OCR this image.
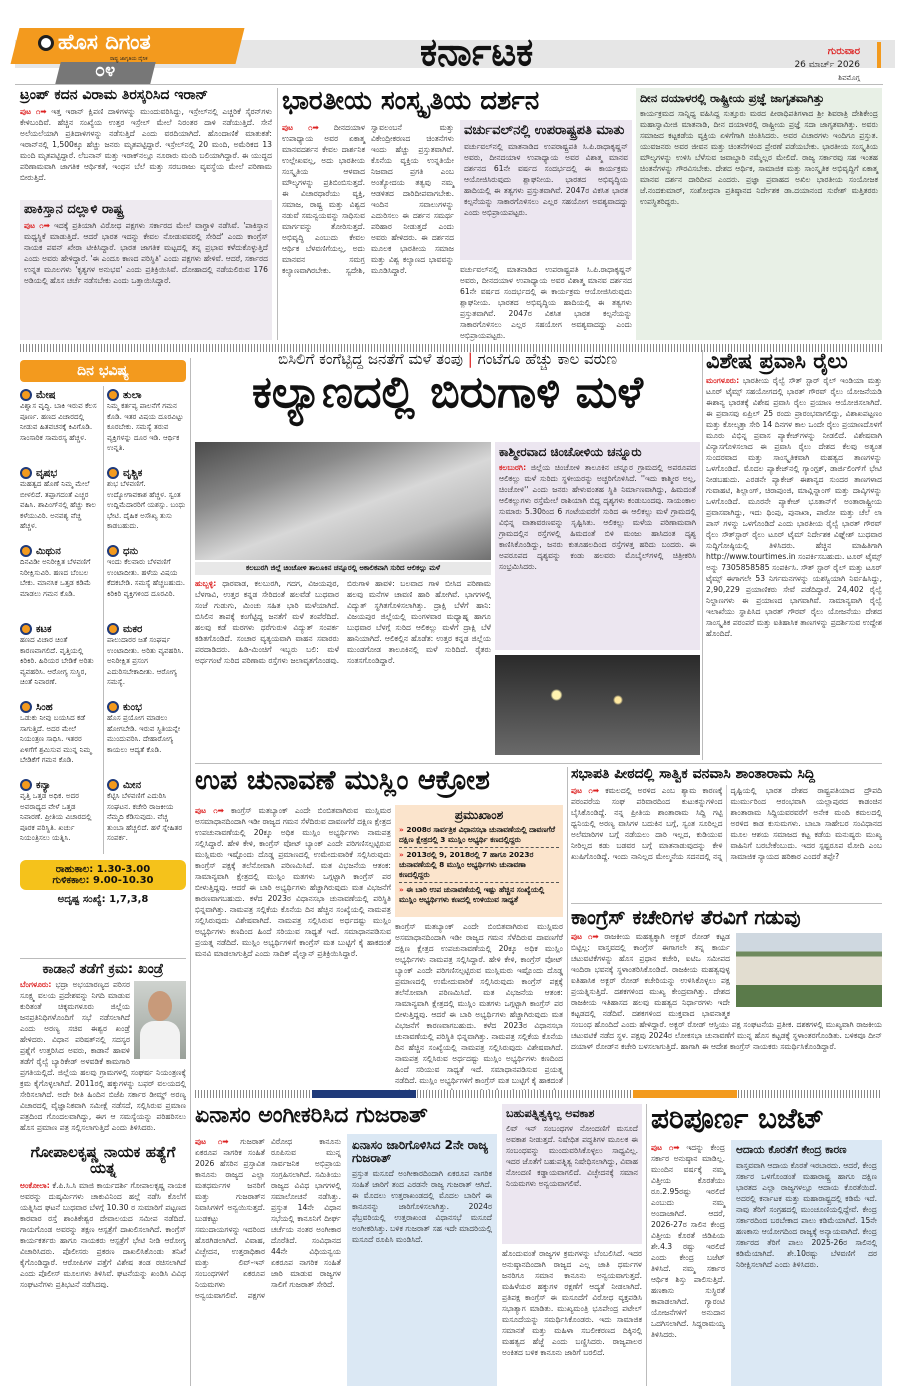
ಹೊಸ ದಿಗಂತ
ರಾಷ್ಟ್ರ ಜಾಗೃತಿಯ ದೈನಿಕ
೦೪	ಕರ್ನಾಟಕ	ಗುರುವಾರ
26 ಮಾರ್ಚ್ 2026
ಶಿವಮೊಗ್ಗ
ಟ್ರಂಪ್ ಕದನ ವಿರಾಮ ತಿರಸ್ಕರಿಸಿದ ಇರಾನ್
ಪುಟ ೧➡ ಇತ್ತ ಇರಾನ್ ಕ್ಷಿಪಣಿ ದಾಳಿಗಳನ್ನು ಮುಂದುವರಿಸಿದ್ದು, ಇಸ್ರೇಲ್‌ನಲ್ಲಿ ಎಚ್ಚರಿಕೆ ಸೈರನ್‌ಗಳು ಕೇಳಿಬಂದಿವೆ. ಹೆಚ್ಚಿನ ಸಂಖ್ಯೆಯ ಉತ್ತರ ಇಸ್ರೇಲ್ ಮೇಲೆ ನಿರಂತರ ದಾಳಿ ನಡೆಯುತ್ತಿದೆ. ಸೇನೆ ಅಲೆಯಲೆಯಾಗಿ ಪ್ರತಿದಾಳಿಗಳನ್ನು ನಡೆಸುತ್ತಿದೆ ಎಂದು ವರದಿಯಾಗಿದೆ. ಹೊಂದಾಣಿಕೆ ಮಾತುಕತೆ: ಇರಾನ್‌ನಲ್ಲಿ 1,500ಕ್ಕೂ ಹೆಚ್ಚು ಜನರು ಮೃತಪಟ್ಟಿದ್ದಾರೆ. ಇಸ್ರೇಲ್‌ನಲ್ಲಿ 20 ಮಂದಿ, ಅಮೆರಿಕದ 13 ಮಂದಿ ಮೃತಪಟ್ಟಿದ್ದಾರೆ. ಲೆಬನಾನ್ ಮತ್ತು ಇರಾಕ್‌ನಲ್ಲೂ ನೂರಾರು ಮಂದಿ ಬಲಿಯಾಗಿದ್ದಾರೆ. ಈ ಯುದ್ಧದ ಪರಿಣಾಮವಾಗಿ ಜಾಗತಿಕ ಆರ್ಥಿಕತೆ, ಇಂಧನ ಬೆಲೆ ಮತ್ತು ಸರಬರಾಜು ವ್ಯವಸ್ಥೆಯ ಮೇಲೆ ಪರಿಣಾಮ ಬೀರುತ್ತಿದೆ.
ಪಾಕಿಸ್ತಾನ ದಲ್ಲಾಳಿ ರಾಷ್ಟ್ರ
ಪುಟ ೧➡ ಇದಕ್ಕೆ ಪ್ರತಿಯಾಗಿ ವಿರೋಧ ಪಕ್ಷಗಳು ಸರ್ಕಾರದ ಮೇಲೆ ವಾಗ್ದಾಳಿ ನಡೆಸಿವೆ. 'ಪಾಕಿಸ್ತಾನ ಮಧ್ಯಸ್ಥಿಕೆ ಮಾಡುತ್ತಿದೆ. ಆದರೆ ಭಾರತ ಇದನ್ನು ಕೇವಲ ನೋಡುವವರಲ್ಲಿ ಸೇರಿದೆ' ಎಂದು ಕಾಂಗ್ರೆಸ್ ನಾಯಕ ಪವನ್ ಖೇರಾ ಟೀಕಿಸಿದ್ದಾರೆ. ಭಾರತ ಜಾಗತಿಕ ಮಟ್ಟದಲ್ಲಿ ತನ್ನ ಪ್ರಭಾವ ಕಳೆದುಕೊಳ್ಳುತ್ತಿದೆ ಎಂದು ಅವರು ಹೇಳಿದ್ದಾರೆ. 'ಈ ಎಂದೂ ಕಾಣದ ಪರಿಸ್ಥಿತಿ' ಎಂದು ಪಕ್ಷಗಳು ಹೇಳಿವೆ. ಆದರೆ, ಸರ್ಕಾರದ ಉನ್ನತ ಮೂಲಗಳು 'ಕೃತ್ಯಗಳ ಅನುಭವ' ಎಂದು ಪ್ರತಿಕ್ರಿಯಿಸಿವೆ. ದೋಹಾದಲ್ಲಿ ನಡೆಯಲಿರುವ 176 ಅಡಿಯಲ್ಲಿ ಹೊಸ ಚರ್ಚೆ ನಡೆಸಬೇಕು ಎಂದು ಒತ್ತಾಯಿಸಿದ್ದಾರೆ.
ಭಾರತೀಯ ಸಂಸ್ಕೃತಿಯ ದರ್ಶನ
ಪುಟ ೧➡ ದೀನದಯಾಳ ಉಪಾಧ್ಯಾಯ ಅವರ ಏಕಾತ್ಮ ಮಾನವದರ್ಶನ ಕೇವಲ ದಾರ್ಶನಿಕ ಉಲ್ಲೇಖವಲ್ಲ, ಅದು ಭಾರತೀಯ ಸಂಸ್ಕೃತಿಯ ಆಳವಾದ ಮೌಲ್ಯಗಳನ್ನು ಪ್ರತಿಬಿಂಬಿಸುತ್ತದೆ. ಈ ವಿಚಾರಧಾರೆಯು ವ್ಯಕ್ತಿ, ಸಮಾಜ, ರಾಷ್ಟ್ರ ಮತ್ತು ವಿಶ್ವದ ನಡುವೆ ಸಮನ್ವಯವನ್ನು ಸಾಧಿಸುವ ಮಾರ್ಗವನ್ನು ತೋರಿಸುತ್ತದೆ. ಅಭಿವೃದ್ಧಿ ಎಂಬುದು ಕೇವಲ ಆರ್ಥಿಕ ಬೆಳವಣಿಗೆಯಲ್ಲ, ಅದು ಮಾನವನ ಸಮಗ್ರ ಕಲ್ಯಾಣವಾಗಿರಬೇಕು. ಸ್ವದೇಶಿ, ಸ್ವಾವಲಂಬನೆ ಮತ್ತು ವಿಕೇಂದ್ರೀಕರಣದ ಚಿಂತನೆಗಳು ಇಂದು ಹೆಚ್ಚು ಪ್ರಸ್ತುತವಾಗಿವೆ. ಕೊನೆಯ ವ್ಯಕ್ತಿಯ ಉನ್ನತಿಯೇ ನಿಜವಾದ ಪ್ರಗತಿ ಎಂಬ ಅಂತ್ಯೋದಯ ತತ್ವವು ನಮ್ಮ ಆಡಳಿತದ ದಾರಿದೀಪವಾಗಬೇಕು. ಇಂದಿನ ಸವಾಲುಗಳನ್ನು ಎದುರಿಸಲು ಈ ದರ್ಶನ ಸಮರ್ಥ ಪರಿಹಾರ ನೀಡುತ್ತದೆ ಎಂದು ಅವರು ಹೇಳಿದರು. ಈ ದರ್ಶನದ ಮೂಲಕ ಭಾರತೀಯ ಸಮಾಜ ಮತ್ತು ವಿಶ್ವ ಕಲ್ಯಾಣದ ಭಾವವನ್ನು ಮೂಡಿಸಿದ್ದಾರೆ.
ವರ್ಚುವಲ್‌ನಲ್ಲಿ ಉಪರಾಷ್ಟ್ರಪತಿ ಮಾತು
ವರ್ಚುವಲ್‌ನಲ್ಲಿ ಮಾತನಾಡಿದ ಉಪರಾಷ್ಟ್ರಪತಿ ಸಿ.ಪಿ.ರಾಧಾಕೃಷ್ಣನ್ ಅವರು, ದೀನದಯಾಳ ಉಪಾಧ್ಯಾಯ ಅವರ ವಿಶಾತ್ಮ ಮಾನವ ದರ್ಶನದ 61ನೇ ವರ್ಷದ ಸಂದರ್ಭದಲ್ಲಿ ಈ ಕಾರ್ಯಕ್ರಮ ಆಯೋಜಿಸಿರುವುದು ಶ್ಲಾಘನೀಯ. ಭಾರತದ ಅಭಿವೃದ್ಧಿಯ ಹಾದಿಯಲ್ಲಿ ಈ ತತ್ವಗಳು ಪ್ರಸ್ತುತವಾಗಿವೆ. 2047ರ ವಿಕಸಿತ ಭಾರತ ಕಲ್ಪನೆಯನ್ನು ಸಾಕಾರಗೊಳಿಸಲು ಎಲ್ಲರ ಸಹಯೋಗ ಅವಶ್ಯವಾದದ್ದು ಎಂದು ಅಭಿಪ್ರಾಯಪಟ್ಟರು.
ವರ್ಚುವಲ್‌ನಲ್ಲಿ ಮಾತನಾಡಿದ ಉಪರಾಷ್ಟ್ರಪತಿ ಸಿ.ಪಿ.ರಾಧಾಕೃಷ್ಣನ್ ಅವರು, ದೀನದಯಾಳ ಉಪಾಧ್ಯಾಯ ಅವರ ವಿಶಾತ್ಮ ಮಾನವ ದರ್ಶನದ 61ನೇ ವರ್ಷದ ಸಂದರ್ಭದಲ್ಲಿ ಈ ಕಾರ್ಯಕ್ರಮ ಆಯೋಜಿಸಿರುವುದು ಶ್ಲಾಘನೀಯ. ಭಾರತದ ಅಭಿವೃದ್ಧಿಯ ಹಾದಿಯಲ್ಲಿ ಈ ತತ್ವಗಳು ಪ್ರಸ್ತುತವಾಗಿವೆ. 2047ರ ವಿಕಸಿತ ಭಾರತ ಕಲ್ಪನೆಯನ್ನು ಸಾಕಾರಗೊಳಿಸಲು ಎಲ್ಲರ ಸಹಯೋಗ ಅವಶ್ಯವಾದದ್ದು ಎಂದು ಅಭಿಪ್ರಾಯಪಟ್ಟರು.
ದೀನ ದಯಾಳರಲ್ಲಿ ರಾಷ್ಟ್ರೀಯ ಪ್ರಜ್ಞೆ ಜಾಗೃತವಾಗಿತ್ತು
ಕಾರ್ಯಕ್ರಮದ ಸಾನ್ನಿಧ್ಯ ವಹಿಸಿದ್ದ ಸುತ್ತೂರು ಮಠದ ಪೀಠಾಧಿಪತಿಗಳಾದ ಶ್ರೀ ಶಿವರಾತ್ರಿ ದೇಶಿಕೇಂದ್ರ ಮಹಾಸ್ವಾಮೀಜಿ ಮಾತನಾಡಿ, ದೀನ ದಯಾಳರಲ್ಲಿ ರಾಷ್ಟ್ರೀಯ ಪ್ರಜ್ಞೆ ಸದಾ ಜಾಗೃತವಾಗಿತ್ತು. ಅವರು ಸಮಾಜದ ಕಟ್ಟಕಡೆಯ ವ್ಯಕ್ತಿಯ ಏಳಿಗೆಗಾಗಿ ಚಿಂತಿಸಿದರು. ಅವರ ವಿಚಾರಗಳು ಇಂದಿಗೂ ಪ್ರಸ್ತುತ. ಯುವಜನರು ಅವರ ಜೀವನ ಮತ್ತು ಚಿಂತನೆಗಳಿಂದ ಪ್ರೇರಣೆ ಪಡೆಯಬೇಕು. ಭಾರತೀಯ ಸಂಸ್ಕೃತಿಯ ಮೌಲ್ಯಗಳನ್ನು ಉಳಿಸಿ ಬೆಳೆಸುವ ಜವಾಬ್ದಾರಿ ನಮ್ಮೆಲ್ಲರ ಮೇಲಿದೆ. ರಾಜ್ಯ ಸರ್ಕಾರವು ಸಹ ಇಂತಹ ಚಿಂತನೆಗಳನ್ನು ಗೌರವಿಸಬೇಕು. ದೇಶದ ಆರ್ಥಿಕ, ಸಾಮಾಜಿಕ ಮತ್ತು ಸಾಂಸ್ಕೃತಿಕ ಅಭಿವೃದ್ಧಿಗೆ ಏಕಾತ್ಮ ಮಾನವ ದರ್ಶನ ದಾರಿದೀಪ ಎಂದರು. ಪ್ರಜ್ಞಾ ಪ್ರವಾಹದ ಅಖಿಲ ಭಾರತೀಯ ಸಂಯೋಜಕ ಜೆ.ನಂದಕುಮಾರ್, ಸಂಶೋಧನಾ ಪ್ರತಿಷ್ಠಾನದ ನಿರ್ದೇಶಕ ಡಾ.ದಯಾನಂದ ಸುರೇಶ್ ಮತ್ತಿತರರು ಉಪಸ್ಥಿತರಿದ್ದರು.
ದಿನ ಭವಿಷ್ಯ
ಮೇಷ
ವಿಶ್ವಾಸ ವೃದ್ಧಿ. ಬಾಕಿ ಇರುವ ಕೆಲಸ ಪೂರ್ಣ. ಹಣದ ವಿಚಾರದಲ್ಲಿ ನೀಡುವ ಹಿತವಚನಕ್ಕೆ ಕಿವಿಗೊಡಿ. ಸಾಂಸಾರಿಕ ಸಾಮರಸ್ಯ ಹೆಚ್ಚಳ.
ತುಲಾ
ನಿಮ್ಮ ಕರ್ತವ್ಯ ಪಾಲನೆಗೆ ಗಮನ ಕೊಡಿ. ಇತರ ವಿಷಯ ದೂರವಿಟ್ಟು ಕೂರಬೇಕು. ಸಮಸ್ಯೆ ತರುವ ವ್ಯಕ್ತಿಗಳನ್ನು ದೂರ ಇಡಿ. ಆರ್ಥಿಕ ಉನ್ನತಿ.
ವೃಷಭ
ಮಹತ್ವದ ಹೊಣೆ ನಿಮ್ಮ ಮೇಲೆ ಬೀಳಲಿದೆ. ತಪ್ಪಾಗದಂತೆ ಎಚ್ಚರ ವಹಿಸಿ. ಶಾಪಿಂಗ್‌ನಲ್ಲಿ ಹೆಚ್ಚು ಕಾಲ ಕಳೆಯುವಿರಿ. ಅನವಶ್ಯ ವೆಚ್ಚ ಹೆಚ್ಚಳ.
ವೃಶ್ಚಿಕ
ಶುಭ ಬೆಳವಣಿಗೆ. ಉದ್ಯೋಗಾವಕಾಶ ಹೆಚ್ಚಳ. ಸ್ವಂತ ಉದ್ದಿಮೆದಾರರಿಗೆ ಯಶಸ್ಸು. ಬಂಧು ಭೇಟಿ. ದೈಹಿಕ ಅಸೌಖ್ಯ ತುಸು ಕಾಡಬಹುದು.
ಮಿಥುನ
ದಿನವಿಡೀ ಅನಿರೀಕ್ಷಿತ ಬೆಳವಣಿಗೆ ನಿರೀಕ್ಷಿಸುವಿರಿ. ಹಣದ ಬೆಂಬಲ ಬೇಕು. ಮಾನಸಿಕ ಒತ್ತಡ ಕಡಿಮೆ ಮಾಡಲು ಗಮನ ಕೊಡಿ.
ಧನು
ಇಂದು ಕೆಲವಾರು ಬೆಳವಣಿಗೆ ಉಂಟಾದೀತು. ಹಳೆಯ ವಿಷಯ ಕೆದಕಬೇಡಿ. ಸಮಸ್ಯೆ ಹೆಚ್ಚಬಹುದು. ಕಿರಿಕಿರಿ ವ್ಯಕ್ತಿಗಳಿಂದ ದೂರವಿರಿ.
ಕಟಕ
ಹಣದ ವಿಚಾರ ಚಿಂತೆ ಕಾರಣವಾಗಲಿದೆ. ವೃತ್ತಿಯಲ್ಲಿ ಕಿರಿಕಿರಿ. ಹಿರಿಯರ ಬೇಡಿಕೆ ಅರಿತು ವ್ಯವಹರಿಸಿ. ಆರೋಗ್ಯ ಸುಸ್ಥಿರ, ಚಿಂತೆ ನಿವಾರಣೆ.
ಮಕರ
ಪಾಲುದಾರರ ಜತೆ ಸಂಘರ್ಷ ಉಂಟಾದೀತು. ಅರಿತು ವ್ಯವಹರಿಸಿ. ಅನಿರೀಕ್ಷಿತ ಪ್ರಸಂಗ ಎದುರಿಸಬೇಕಾದೀತು. ಆರೋಗ್ಯ ಸಮಸ್ಯೆ.
ಸಿಂಹ
ಒಡುಕು ನೀವು ಬಯಸಿದ ಕಡೆ ಸಾಗುತ್ತಿದೆ. ಅದರ ಮೇಲೆ ನಿಯಂತ್ರಣ ಸಾಧಿಸಿ. ಇತರರ ಏಳಿಗೆಗೆ ಶ್ರಮಿಸುವ ಮುನ್ನ ನಿಮ್ಮ ಬೇಡಿಕೆಗೆ ಗಮನ ಕೊಡಿ.
ಕುಂಭ
ಹೊಸ ಪ್ರಯೋಗ ಮಾಡಲು ಹೋಗಬೇಡಿ. ಇರುವ ಸ್ಥಿತಿಯನ್ನೇ ಮುಂದುವರಿಸಿ. ದೇಹಾರೋಗ್ಯ ಕಾಯಲು ಆದ್ಯತೆ ಕೊಡಿ.
ಕನ್ಯಾ
ವೃತ್ತಿ ಒತ್ತಡ ಅಧಿಕ. ಅದರ ಅವರಾಧ್ಯದ ವೇಳೆ ಒತ್ತಡ ನಿವಾರಣೆ. ಪ್ರೀತಿಯ ವಿಚಾರದಲ್ಲಿ ಪೂರಕ ಪರಿಸ್ಥಿತಿ. ಖರ್ಚು ನಿಯಂತ್ರಿಸಲು ಯತ್ನಿಸಿ.
ಮೀನ
ಕೆಟ್ಟಿಸಿ ಬೆಳವಣಿಗೆ ಎದುರಿಸಿ ಸಂಘಟನ. ಕಚೇರಿ ರಾಜಕೀಯ ನೆಮ್ಮದಿ ಕೆಡಿಸುವುದು. ವೆಚ್ಚ ತುಂಬಾ ಹೆಚ್ಚಲಿದೆ. ಹಳೆ ಸ್ನೇಹಿತರ ಸಂಪರ್ಕ.
ರಾಹುಕಾಲ: 1.30-3.00
ಗುಳಿಕಕಾಲ: 9.00-10.30
ಅದೃಷ್ಟ ಸಂಖ್ಯೆ: 1,7,3,8
ಕಾಡಾನೆ ತಡೆಗೆ ಕ್ರಮ: ಖಂಡ್ರೆ
ಬೆಂಗಳೂರು: ಭದ್ರಾ ಅಭಯಾರಣ್ಯದ ಪರಿಸರ ಸೂಕ್ಷ್ಮ ವಲಯ ಪ್ರದೇಶವನ್ನು ನಿಗದಿ ಮಾಡುವ ಕುರಿತಂತೆ ಚಿಕ್ಕಮಗಳೂರು ಜಿಲ್ಲೆಯ ಜನಪ್ರತಿನಿಧಿಗಳೊಂದಿಗೆ ಸಭೆ ನಡೆಸಲಾಗಿದೆ ಎಂದು ಅರಣ್ಯ ಸಚಿವ ಈಶ್ವರ ಖಂಡ್ರೆ ಹೇಳಿದರು. ವಿಧಾನ ಪರಿಷತ್‌ನಲ್ಲಿ ಸದಸ್ಯರ ಪ್ರಶ್ನೆಗೆ ಉತ್ತರಿಸಿದ ಅವರು, ಕಾಡಾನೆ ಹಾವಳಿ ತಡೆಗೆ ರೈಲ್ವೆ ಬ್ಯಾರಿಕೇಡ್ ಅಳವಡಿಕೆ ಕಾಮಗಾರಿ ಪ್ರಗತಿಯಲ್ಲಿದೆ. ಜಿಲ್ಲೆಯ ಹಲವು ಗ್ರಾಮಗಳಲ್ಲಿ ಸಂಘರ್ಷ ನಿಯಂತ್ರಣಕ್ಕೆ ಕ್ರಮ ಕೈಗೊಳ್ಳಲಾಗಿದೆ. 2011ರಲ್ಲಿ ಹಕ್ಕುಗಳನ್ನು ಬಫರ್ ವಲಯದಲ್ಲಿ ಸೇರಿಸಲಾಗಿದೆ. ಅದೇ ರೀತಿ ಹಿಂದಿನ ಬಿಜೆಪಿ ಸರ್ಕಾರ ಡೀಮ್ಡ್ ಅರಣ್ಯ ವಿಚಾರದಲ್ಲಿ ವೈಜ್ಞಾನಿಕವಾಗಿ ಸಮೀಕ್ಷೆ ನಡೆಸದೆ, ಸಲ್ಲಿಸಿರುವ ಪ್ರಮಾಣ ಪತ್ರದಿಂದ ಗೊಂದಲವಾಗಿದ್ದು, ಈಗ ಆ ಸಮಸ್ಯೆಯನ್ನು ಪರಿಹರಿಸಲು ಹೊಸ ಪ್ರಮಾಣ ಪತ್ರ ಸಲ್ಲಿಸಲಾಗುತ್ತಿದೆ ಎಂದು ತಿಳಿಸಿದರು.
ಗೋಪಾಲಕೃಷ್ಣ ನಾಯಕ ಹತ್ಯೆಗೆ ಯತ್ನ
ಅಂಕೋಲಾ: ಕೆ.ಪಿ.ಸಿ.ಸಿ ಮಾಜಿ ಕಾರ್ಯದರ್ಶಿ ಗೋಪಾಲಕೃಷ್ಣ ನಾಯಕ ಅವರನ್ನು ದುಷ್ಕರ್ಮಿಗಳು ಚಾಕುವಿನಿಂದ ಹಲ್ಲೆ ನಡೆಸಿ ಕೊಲೆಗೆ ಯತ್ನಿಸಿದ ಘಟನೆ ಬುಧವಾರ ಬೆಳಗ್ಗೆ 10.30 ರ ಸುಮಾರಿಗೆ ಪಟ್ಟಣದ ಕಾರವಾರ ರಸ್ತೆ ಶಾಂತಿಕೇಶ್ವರ ದೇವಾಲಯದ ಸಮೀಪ ನಡೆದಿದೆ. ಗಾಯಗೊಂಡ ಅವರನ್ನು ತಕ್ಷಣ ಆಸ್ಪತ್ರೆಗೆ ದಾಖಲಿಸಲಾಗಿದೆ. ಕಾಂಗ್ರೆಸ್ ಕಾರ್ಯಕರ್ತರು ಹಾಗೂ ನಾಯಕರು ಆಸ್ಪತ್ರೆಗೆ ಭೇಟಿ ನೀಡಿ ಆರೋಗ್ಯ ವಿಚಾರಿಸಿದರು. ಪೊಲೀಸರು ಪ್ರಕರಣ ದಾಖಲಿಸಿಕೊಂಡು ತನಿಖೆ ಕೈಗೊಂಡಿದ್ದಾರೆ. ಆರೋಪಿಗಳ ಪತ್ತೆಗೆ ವಿಶೇಷ ತಂಡ ರಚಿಸಲಾಗಿದೆ ಎಂದು ಪೊಲೀಸ್ ಮೂಲಗಳು ತಿಳಿಸಿವೆ. ಘಟನೆಯನ್ನು ಖಂಡಿಸಿ ವಿವಿಧ ಸಂಘಟನೆಗಳು ಪ್ರತಿಭಟನೆ ನಡೆಸಿದವು.
ಬಿಸಿಲಿಗೆ ಕಂಗೆಟ್ಟಿದ್ದ ಜನತೆಗೆ ಮಳೆ ತಂಪು | ಗಂಟೆಗೂ ಹೆಚ್ಚು ಕಾಲ ವರುಣ
ಕಲ್ಯಾಣದಲ್ಲಿ ಬಿರುಗಾಳಿ ಮಳೆ
ಕಲಬುರಗಿ ಜಿಲ್ಲೆ ಚಿಂಚೋಳಿ ತಾಲೂಕಿನ ಚನ್ನೂರಲ್ಲಿ ಅಕಾಲಿಕವಾಗಿ ಸುರಿದ ಆಲಿಕಲ್ಲು ಮಳೆ
ಹುಬ್ಬಳ್ಳಿ: ಧಾರವಾಡ, ಕಲಬುರಗಿ, ಗದಗ, ವಿಜಯಪುರ, ಬೆಳಗಾವಿ, ಉತ್ತರ ಕನ್ನಡ ಸೇರಿದಂತೆ ಹಲವೆಡೆ ಬುಧವಾರ ಸಂಜೆ ಗುಡುಗು, ಮಿಂಚು ಸಹಿತ ಭಾರಿ ಮಳೆಯಾಗಿದೆ. ಬಿಸಿಲಿನ ತಾಪಕ್ಕೆ ಕಂಗೆಟ್ಟಿದ್ದ ಜನತೆಗೆ ಮಳೆ ತಂಪೆರೆದಿದೆ. ಹಲವು ಕಡೆ ಮರಗಳು ಧರೆಗುರುಳಿ ವಿದ್ಯುತ್ ಸಂಪರ್ಕ ಕಡಿತಗೊಂಡಿದೆ. ಸಂಚಾರ ವ್ಯತ್ಯಯವಾಗಿ ವಾಹನ ಸವಾರರು ಪರದಾಡಿದರು. ಹಿಡಿ-ಮಿಂಚಿಗೆ ಇಬ್ಬರು ಬಲಿ: ಮಳೆ ಅರ್ಧಗಂಟೆ ಸುರಿದ ಪರಿಣಾಮ ರಸ್ತೆಗಳು ಜಲಾವೃತಗೊಂಡವು. ಬಿರುಗಾಳಿ ಹಾವಳಿ: ಬಲವಾದ ಗಾಳಿ ಬೀಸಿದ ಪರಿಣಾಮ ಹಲವು ಮನೆಗಳ ಚಾವಣಿ ಹಾರಿ ಹೋಗಿವೆ. ಭಾಗಗಳಲ್ಲಿ ವಿದ್ಯುತ್ ಸ್ಥಗಿತಗೊಳಿಸಲಾಗಿತ್ತು. ದ್ರಾಕ್ಷಿ ಬೆಳೆಗೆ ಹಾನಿ: ವಿಜಯಪುರ ಜಿಲ್ಲೆಯಲ್ಲಿ ಮಂಗಳವಾರ ಮಧ್ಯಾಹ್ನ ಹಾಗೂ ಬುಧವಾರ ಬೆಳಗ್ಗೆ ಸುರಿದ ಆಲಿಕಲ್ಲು ಮಳೆಗೆ ದ್ರಾಕ್ಷಿ ಬೆಳೆ ಹಾನಿಯಾಗಿದೆ. ಆಲಿಕಲ್ಲಿನ ಹೊಡೆತ: ಉತ್ತರ ಕನ್ನಡ ಜಿಲ್ಲೆಯ ಮುಂಡಗೋಡ ತಾಲೂಕಿನಲ್ಲಿ ಮಳೆ ಸುರಿದಿದೆ. ರೈತರು ಸಂತಸಗೊಂಡಿದ್ದಾರೆ.
ಕಾಶ್ಮೀರವಾದ ಚಿಂಚೋಳಿಯ ಚನ್ನೂರು
ಕಲಬುರಗಿ: ಜಿಲ್ಲೆಯ ಚಿಂಚೋಳಿ ತಾಲೂಕಿನ ಚನ್ನೂರ ಗ್ರಾಮದಲ್ಲಿ ಅಪರೂಪದ ಆಲಿಕಲ್ಲು ಮಳೆ ಸುರಿದು ಸ್ಥಳೀಯರನ್ನು ಅಚ್ಚರಿಗೊಳಿಸಿದೆ. ''ಇದು ಕಾಶ್ಮೀರ ಅಲ್ಲ, ಚಿಂಚೋಳಿ'' ಎಂದು ಜನರು ಹೇಳುವಂತಹ ಸ್ಥಿತಿ ನಿರ್ಮಾಣವಾಗಿದ್ದು, ಹಿಮದಂತೆ ಆಲಿಕಲ್ಲುಗಳು ರಸ್ತೆಮೇಲೆ ರಾಶಿಯಾಗಿ ಬಿದ್ದ ದೃಶ್ಯಗಳು ಕಂಡುಬಂದವು. ಸಾಯಂಕಾಲ ಸುಮಾರು 5.30ರಿಂದ 6 ಗಂಟೆಯವರೆಗೆ ಸುರಿದ ಈ ಆಲಿಕಲ್ಲು ಮಳೆ ಗ್ರಾಮದಲ್ಲಿ ವಿಭಿನ್ನ ವಾತಾವರಣವನ್ನು ಸೃಷ್ಟಿಸಿತು. ಆಲಿಕಲ್ಲು ಮಳೆಯ ಪರಿಣಾಮವಾಗಿ ಗ್ರಾಮದಲ್ಲಿನ ರಸ್ತೆಗಳಲ್ಲಿ ಹಿಮದಂತೆ ಬಿಳಿ ಮಂಜು ಹಾಸಿದಂತ ದೃಶ್ಯ ಕಾಣಿಸಿಕೊಂಡಿದ್ದು, ಜನರು ಕುತೂಹಲದಿಂದ ರಸ್ತೆಗಳತ್ತ ಹರಿದು ಬಂದರು. ಈ ಅಪರೂಪದ ದೃಶ್ಯವನ್ನು ಕಂಡು ಹಲವರು ಮೊಬೈಲ್‌ಗಳಲ್ಲಿ ಚಿತ್ರೀಕರಿಸಿ ಸಂಭ್ರಮಿಸಿದರು.
ವಿಶೇಷ ಪ್ರವಾಸಿ ರೈಲು
ಮಂಗಳೂರು: ಭಾರತೀಯ ರೈಲ್ವೆ ಸೌತ್ ಸ್ಟಾರ್ ರೈಲ್ ಇಂಡಿಯಾ ಮತ್ತು ಟೂರ್ ಟೈಮ್ಸ್ ಸಹಯೋಗದಲ್ಲಿ ಭಾರತ್ ಗೌರವ್ ರೈಲು ಯೋಜನೆಯಡಿ ಈಶಾನ್ಯ ಭಾರತಕ್ಕೆ ವಿಶೇಷ ಪ್ರವಾಸಿ ರೈಲು ಪ್ರಯಾಣ ಆಯೋಜಿಸಲಾಗಿದೆ. ಈ ಪ್ರವಾಸವು ಏಪ್ರಿಲ್ 25 ರಂದು ಪ್ರಾರಂಭವಾಗಲಿದ್ದು, ವಿಶಾಖಪಟ್ಟಣಂ ಮತ್ತು ಕೋಲ್ಕತ್ತಾ ಸೇರಿ 14 ದಿನಗಳ ಕಾಲ ಒಂದೇ ರೈಲು ಪ್ರಯಾಣದೊಳಗೆ ಮೂರು ವಿಭಿನ್ನ ಪ್ರವಾಸ ಪ್ಯಾಕೇಜ್‌ಗಳನ್ನು ನೀಡಲಿದೆ. ವಿಶೇಷವಾಗಿ ವಿನ್ಯಾಸಗೊಳಿಸಲಾದ ಈ ಪ್ರವಾಸಿ ರೈಲು ದೇಶದ ಕೆಲವು ಅತ್ಯಂತ ಸುಂದರವಾದ ಮತ್ತು ಸಾಂಸ್ಕೃತಿಕವಾಗಿ ಮಹತ್ವದ ತಾಣಗಳನ್ನು ಒಳಗೊಂಡಿದೆ. ಮೊದಲ ಪ್ಯಾಕೇಜ್‌ನಲ್ಲಿ ಗ್ಯಾಂಗ್ಟಕ್, ಡಾರ್ಜಿಲಿಂಗ್‌ಗೆ ಭೇಟಿ ನೀಡಬಹುದು. ಎರಡನೇ ಪ್ಯಾಕೇಜ್ ಈಶಾನ್ಯದ ಸುಂದರ ತಾಣಗಳಾದ ಗುವಾಹಟಿ, ಶಿಲ್ಲಾಂಗ್, ಚಿರಾಪುಂಜಿ, ಮಾವ್ಲಿನ್ನಾಂಗ್ ಮತ್ತು ದಾವ್ಕಿಗಳನ್ನು ಒಳಗೊಂಡಿದೆ. ಮೂರನೇ ಪ್ಯಾಕೇಜ್ ಭೂತಾನ್‌ಗೆ ಅಂತಾರಾಷ್ಟ್ರೀಯ ಪ್ರವಾಸವಾಗಿದ್ದು, ಇದು ಥಿಂಪು, ಪುನಾಖಾ, ಪಾರೋ ಮತ್ತು ಚೆಲೆ ಲಾ ಪಾಸ್ ಗಳನ್ನು ಒಳಗೊಂಡಿದೆ ಎಂದು ಭಾರತೀಯ ರೈಲ್ವೆ ಭಾರತ್ ಗೌರವ್ ರೈಲು ಸೌತ್‌ಸ್ಟಾರ್ ರೈಲು ಟೂರ್ ಟೈಮ್ ನಿರ್ದೇಶಕ ವಿಘ್ನೇಶ್ ಬುಧವಾರ ಸುದ್ದಿಗೋಷ್ಠಿಯಲ್ಲಿ ತಿಳಿಸಿದರು. ಹೆಚ್ಚಿನ ಮಾಹಿತಿಗಾಗಿ http://www.tourtimes.in ಸಂಪರ್ಕಿಸಬಹುದು. ಟೂರ್ ಟೈಮ್ಸ್ ಅನ್ನು 7305858585 ಸಂಪರ್ಕಿಸಿ. ಸೌತ್ ಸ್ಟಾರ್ ರೈಲ್ ಮತ್ತು ಟೂರ್ ಟೈಮ್ಸ್ ಈಗಾಗಲೇ 53 ನಿರ್ಗಮನಗಳನ್ನು ಯಶಸ್ವಿಯಾಗಿ ನಿರ್ವಹಿಸಿದ್ದು, 2,90,229 ಪ್ರಯಾಣಿಕರು ಸೇವೆ ಪಡೆದಿದ್ದಾರೆ. 24,402 ರೈಲ್ವೆ ನಿಲ್ದಾಣಗಳು ಈ ಪ್ರಯಾಣದ ಭಾಗವಾಗಿವೆ. ಸಾಮಾನ್ಯವಾಗಿ ರೈಲ್ವೆ ಇಲಾಖೆಯು ಸ್ಥಾಪಿಸಿದ ಭಾರತ್ ಗೌರವ್ ರೈಲು ಯೋಜನೆಯು ದೇಶದ ಸಾಂಸ್ಕೃತಿಕ ಪರಂಪರೆ ಮತ್ತು ಐತಿಹಾಸಿಕ ತಾಣಗಳನ್ನು ಪ್ರದರ್ಶಿಸುವ ಉದ್ದೇಶ ಹೊಂದಿದೆ.
ಉಪ ಚುನಾವಣೆ ಮುಸ್ಲಿಂ ಆಕ್ರೋಶ
ಪುಟ ೧➡ ಕಾಂಗ್ರೆಸ್ ಮತಬ್ಯಾಂಕ್ ಎಂದೇ ಬಿಂಬಿತವಾಗಿರುವ ಮುಸ್ಲಿಮರ ಅಸಮಾಧಾನದಿಂದಾಗಿ ಇಡೀ ರಾಜ್ಯದ ಗಮನ ಸೆಳೆದಿರುವ ದಾವಣಗೆರೆ ದಕ್ಷಿಣ ಕ್ಷೇತ್ರದ ಉಪಚುನಾವಣೆಯಲ್ಲಿ 20ಕ್ಕೂ ಅಧಿಕ ಮುಸ್ಲಿಂ ಅಭ್ಯರ್ಥಿಗಳು ನಾಮಪತ್ರ ಸಲ್ಲಿಸಿದ್ದಾರೆ. ಹೇಳಿ ಕೇಳಿ, ಕಾಂಗ್ರೆಸ್ ವೋಟ್ ಬ್ಯಾಂಕ್ ಎಂದೇ ಪರಿಗಣಿಸಲ್ಪಟ್ಟಿರುವ ಮುಸ್ಲಿಮರು ಇಷ್ಟೊಂದು ದೊಡ್ಡ ಪ್ರಮಾಣದಲ್ಲಿ ಉಮೇದುವಾರಿಕೆ ಸಲ್ಲಿಸಿರುವುದು ಕಾಂಗ್ರೆಸ್ ಪಕ್ಷಕ್ಕೆ ತಲೆನೋವಾಗಿ ಪರಿಣಮಿಸಿದೆ. ಮತ ವಿಭಜನೆಯ ಆತಂಕ: ಸಾಮಾನ್ಯವಾಗಿ ಕ್ಷೇತ್ರದಲ್ಲಿ ಮುಸ್ಲಿಂ ಮತಗಳು ಒಗ್ಗಟ್ಟಾಗಿ ಕಾಂಗ್ರೆಸ್ ಪರ ಬೀಳುತ್ತಿದ್ದವು. ಆದರೆ ಈ ಬಾರಿ ಅಭ್ಯರ್ಥಿಗಳು ಹೆಚ್ಚಾಗಿರುವುದು ಮತ ವಿಭಜನೆಗೆ ಕಾರಣವಾಗಬಹುದು. ಕಳೆದ 2023ರ ವಿಧಾನಸಭಾ ಚುನಾವಣೆಯಲ್ಲಿ ಪರಿಸ್ಥಿತಿ ಭಿನ್ನವಾಗಿತ್ತು. ನಾಮಪತ್ರ ಸಲ್ಲಿಕೆಯ ಕೊನೆಯ ದಿನ ಹೆಚ್ಚಿನ ಸಂಖ್ಯೆಯಲ್ಲಿ ನಾಮಪತ್ರ ಸಲ್ಲಿಸಿರುವುದು ವಿಶೇಷವಾಗಿದೆ. ನಾಮಪತ್ರ ಸಲ್ಲಿಸಿರುವ ಅರ್ಧದಷ್ಟು ಮುಸ್ಲಿಂ ಅಭ್ಯರ್ಥಿಗಳು ಕಣದಿಂದ ಹಿಂದೆ ಸರಿಯುವ ಸಾಧ್ಯತೆ ಇದೆ. ಸಮಾಧಾನಪಡಿಸುವ ಪ್ರಯತ್ನ ನಡೆದಿದೆ. ಮುಸ್ಲಿಂ ಅಭ್ಯರ್ಥಿಗಳಿಗೆ ಕಾಂಗ್ರೆಸ್ ಮತ ಬುಟ್ಟಿಗೆ ಕೈ ಹಾಕದಂತೆ ಮನವಿ ಮಾಡಲಾಗುತ್ತಿದೆ ಎಂದು ಸಾದಿಕ್ ಪೈಲ್ವಾನ್ ಪ್ರತಿಕ್ರಿಯಿಸಿದ್ದಾರೆ.
ಪ್ರಮುಖಾಂಶ
» 2008ರ ಸಾರ್ವತ್ರಿಕ ವಿಧಾನಸಭಾ ಚುನಾವಣೆಯಲ್ಲಿ ದಾವಣಗೆರೆ ದಕ್ಷಿಣ ಕ್ಷೇತ್ರದಲ್ಲಿ 3 ಮುಸ್ಲಿಂ ಅಭ್ಯರ್ಥಿ ಕಣದಲ್ಲಿದ್ದರು
» 2013ರಲ್ಲಿ 9, 2018ರಲ್ಲಿ 7 ಹಾಗೂ 2023ರ ಚುನಾವಣೆಯಲ್ಲಿ 8 ಮುಸ್ಲಿಂ ಅಭ್ಯರ್ಥಿಗಳು ಚುನಾವಣಾ ಕಣದಲ್ಲಿದ್ದರು
» ಈ ಬಾರಿ ಉಪ ಚುನಾವಣೆಯಲ್ಲಿ ಇಷ್ಟು ಹೆಚ್ಚಿನ ಸಂಖ್ಯೆಯಲ್ಲಿ ಮುಸ್ಲಿಂ ಅಭ್ಯರ್ಥಿಗಳು ಕಣದಲ್ಲಿ ಉಳಿಯುವ ಸಾಧ್ಯತೆ
ಕಾಂಗ್ರೆಸ್ ಮತಬ್ಯಾಂಕ್ ಎಂದೇ ಬಿಂಬಿತವಾಗಿರುವ ಮುಸ್ಲಿಮರ ಅಸಮಾಧಾನದಿಂದಾಗಿ ಇಡೀ ರಾಜ್ಯದ ಗಮನ ಸೆಳೆದಿರುವ ದಾವಣಗೆರೆ ದಕ್ಷಿಣ ಕ್ಷೇತ್ರದ ಉಪಚುನಾವಣೆಯಲ್ಲಿ 20ಕ್ಕೂ ಅಧಿಕ ಮುಸ್ಲಿಂ ಅಭ್ಯರ್ಥಿಗಳು ನಾಮಪತ್ರ ಸಲ್ಲಿಸಿದ್ದಾರೆ. ಹೇಳಿ ಕೇಳಿ, ಕಾಂಗ್ರೆಸ್ ವೋಟ್ ಬ್ಯಾಂಕ್ ಎಂದೇ ಪರಿಗಣಿಸಲ್ಪಟ್ಟಿರುವ ಮುಸ್ಲಿಮರು ಇಷ್ಟೊಂದು ದೊಡ್ಡ ಪ್ರಮಾಣದಲ್ಲಿ ಉಮೇದುವಾರಿಕೆ ಸಲ್ಲಿಸಿರುವುದು ಕಾಂಗ್ರೆಸ್ ಪಕ್ಷಕ್ಕೆ ತಲೆನೋವಾಗಿ ಪರಿಣಮಿಸಿದೆ. ಮತ ವಿಭಜನೆಯ ಆತಂಕ: ಸಾಮಾನ್ಯವಾಗಿ ಕ್ಷೇತ್ರದಲ್ಲಿ ಮುಸ್ಲಿಂ ಮತಗಳು ಒಗ್ಗಟ್ಟಾಗಿ ಕಾಂಗ್ರೆಸ್ ಪರ ಬೀಳುತ್ತಿದ್ದವು. ಆದರೆ ಈ ಬಾರಿ ಅಭ್ಯರ್ಥಿಗಳು ಹೆಚ್ಚಾಗಿರುವುದು ಮತ ವಿಭಜನೆಗೆ ಕಾರಣವಾಗಬಹುದು. ಕಳೆದ 2023ರ ವಿಧಾನಸಭಾ ಚುನಾವಣೆಯಲ್ಲಿ ಪರಿಸ್ಥಿತಿ ಭಿನ್ನವಾಗಿತ್ತು. ನಾಮಪತ್ರ ಸಲ್ಲಿಕೆಯ ಕೊನೆಯ ದಿನ ಹೆಚ್ಚಿನ ಸಂಖ್ಯೆಯಲ್ಲಿ ನಾಮಪತ್ರ ಸಲ್ಲಿಸಿರುವುದು ವಿಶೇಷವಾಗಿದೆ. ನಾಮಪತ್ರ ಸಲ್ಲಿಸಿರುವ ಅರ್ಧದಷ್ಟು ಮುಸ್ಲಿಂ ಅಭ್ಯರ್ಥಿಗಳು ಕಣದಿಂದ ಹಿಂದೆ ಸರಿಯುವ ಸಾಧ್ಯತೆ ಇದೆ. ಸಮಾಧಾನಪಡಿಸುವ ಪ್ರಯತ್ನ ನಡೆದಿದೆ. ಮುಸ್ಲಿಂ ಅಭ್ಯರ್ಥಿಗಳಿಗೆ ಕಾಂಗ್ರೆಸ್ ಮತ ಬುಟ್ಟಿಗೆ ಕೈ ಹಾಕದಂತೆ
ಸಭಾಪತಿ ಪೀಠದಲ್ಲಿ ಸಾತ್ವಿಕ ವನವಾಸಿ ಶಾಂತಾರಾಮ ಸಿದ್ದಿ
ಪುಟ ೧➡ ಕಮಲದಲ್ಲಿ ಅರಳಿದ ಎಂಬ ಶ್ಯಾಮ ಕಾರಣಕ್ಕೆ ಪರಂಪರೆಯ ಸಂಘ ಪರಿವಾರದಿಂದ ಕುಟುಕನ್ನುಗಳಿಂದ ಬೈಸಿಕೊಂಡಿದ್ದೆ. ನನ್ನ ಪ್ರೀತಿಯ ಶಾಂತಾರಾಮ ಸಿದ್ದಿ ಗಟ್ಟಿ ಧ್ವನಿಯಲ್ಲಿ ಅರಣ್ಯ ವಾಸಿಗಳ ಬದುಕಿನ ಬಗ್ಗೆ, ಸ್ವಂತ ಸೂರಿಲ್ಲದ ಅಲೆಮಾರಿಗಳ ಬಗ್ಗೆ ನಡೆಯಲು ದಾರಿ ಇಲ್ಲದ, ಕುಡಿಯುವ ನೀರಿಲ್ಲದ ಕಡು ಬಡವರ ಬಗ್ಗೆ ಮಾತನಾಡುವುದನ್ನು ಕೇಳಿ ಖುಷಿಗೊಂಡಿದ್ದೆ. ಇಂದು ನಾನಿಲ್ಲದ ಮೇಲ್ಮನೆಯ ಸದನದಲ್ಲಿ ನನ್ನ ದೃಷ್ಟಿಯಲ್ಲಿ ಭಾರತ ದೇಶದ ರಾಷ್ಟ್ರಪತಿಯಾದ ದ್ರೌಪದಿ ಮುರ್ಮುರಿಂದ ಆರಂಭವಾಗಿ ಯಲ್ಲಾಪುರದ ಕಾಡಂಚಿನ ಶಾಂತಾರಾಮ ಸಿದ್ದಿಯವರವರೆಗೆ ಅನೇಕ ಮಂದಿ ಕಮಲದಲ್ಲಿ ಅರಳಿದ ಕಾಡ ಕುಸುಮಗಳು. ಬಾಬಾ ಸಾಹೇಬರ ಸಂವಿಧಾನದ ಮೂಲ ಆಶಯ ಸಮಾಜದ ಕಟ್ಟ ಕಡೆಯ ಮನುಷ್ಯರು ಮುಖ್ಯ ವಾಹಿನಿಗೆ ಬರಬೇಕೆಂಬುದು. ಇದರ ಸ್ಪಷ್ಟರೂಪ ಮೋದಿ ಎಂಬ ಸಾಮಾಜಿಕ ನ್ಯಾಯದ ಹರಿಕಾರ ಎಂದರೆ ತಪ್ಪೇ?
ಕಾಂಗ್ರೆಸ್ ಕಚೇರಿಗಳ ತೆರವಿಗೆ ಗಡುವು
ಪುಟ ೧➡ ರಾಜಕೀಯ ಮಹತ್ವಕ್ಕಾಗಿ ಅಕ್ಬರ್ ರೋಡ್ ಕಟ್ಟಡ ಬಿಟ್ಟಿಲ್ಲ: ವಾಸ್ತವದಲ್ಲಿ ಕಾಂಗ್ರೆಸ್ ಈಗಾಗಲೇ ತನ್ನ ಕಾರ್ಯ ಚಟುವಟಿಕೆಗಳನ್ನು ಹೊಸ ಪ್ರಧಾನ ಕಚೇರಿ, ಐಟಿಒ ಸಮೀಪದ ಇಂದಿರಾ ಭವನಕ್ಕೆ ಸ್ಥಳಾಂತರಿಸಿಕೊಂಡಿದೆ. ರಾಜಕೀಯ ಮಹತ್ವವುಳ್ಳ ಐತಿಹಾಸಿಕ ಅಕ್ಬರ್ ರೋಡ್ ಕಚೇರಿಯನ್ನು ಉಳಿಸಿಕೊಳ್ಳಲು ಪಕ್ಷ ಪ್ರಯತ್ನಿಸುತ್ತಿದೆ. ದಶಕಗಳಿಂದ ಮುಖ್ಯ ಕೇಂದ್ರವಾಗಿತ್ತು. ದೇಶದ ರಾಜಕೀಯ ಇತಿಹಾಸದ ಹಲವು ಮಹತ್ವದ ನಿರ್ಧಾರಗಳು ಇದೇ ಕಟ್ಟಡದಲ್ಲಿ ನಡೆದಿವೆ. ದಶಕಗಳಿಂದ ಮುಕ್ತವಾದ ಭಾವನಾತ್ಮಕ ಸಂಬಂಧ ಹೊಂದಿದೆ ಎಂದು ಹೇಳಿದ್ದಾರೆ. ಅಕ್ಬರ್ ರೋಡ್ ಆಸ್ತಿಯು ಪಕ್ಷ ಸಂಘಟನೆಯ ಪ್ರತೀಕ. ದಶಕಗಳಲ್ಲಿ ಮುಖ್ಯವಾಗಿ ರಾಜಕೀಯ ಚಟುವಟಿಕೆ ನಡೆದ ಸ್ಥಳ. ಪಕ್ಷವು 2024ರ ಲೋಕಸಭಾ ಚುನಾವಣೆಗೆ ಮುನ್ನ ಹೊಸ ಕಟ್ಟಡಕ್ಕೆ ಸ್ಥಳಾಂತರಗೊಂಡಿತು. ಬಳಿಕವೂ ದೀನ್ ದಯಾಳ್ ರೋಡ್‌ನ ಕಚೇರಿ ಬಳಸಲಾಗುತ್ತಿದೆ. ಹಾಗಾಗಿ ಈ ಆದೇಶ ಕಾಂಗ್ರೆಸ್ ನಾಯಕರು ಸಮರ್ಥಿಸಿಕೊಂಡಿದ್ದಾರೆ.
ಏನಾಸಂ ಅಂಗೀಕರಿಸಿದ ಗುಜರಾತ್
ಪುಟ ೧➡ ಗುಜರಾತ್ ಏಕರೂಪ ನಾಗರಿಕ ಸಂಹಿತೆ 2026 ಹೆಸರಿನ ಪ್ರಸ್ತಾವಿತ ಕಾನೂನು ರಾಜ್ಯದ ಎಲ್ಲಾ ಮತಧರ್ಮಗಳ ಜನರಿಗೆ ಮತ್ತು ಗುಜರಾತ್‌ನ ನಿವಾಸಿಗಳಿಗೆ ಅನ್ವಯಿಸುತ್ತದೆ. ಬುಡಕಟ್ಟು ಸಮುದಾಯಗಳನ್ನು ಇದರಿಂದ ಹೊರಗಿಡಲಾಗಿದೆ. ವಿವಾಹ, ವಿಚ್ಛೇದನ, ಉತ್ತರಾಧಿಕಾರ ಮತ್ತು ಲಿವ್-ಇನ್ ಸಂಬಂಧಗಳಿಗೆ ಏಕರೂಪ ನಿಯಮಗಳು ಅನ್ವಯವಾಗಲಿವೆ. ಪಕ್ಷಗಳ ವಿರೋಧ ಕಾನೂನು ರೂಪಿಸುವ ಮುನ್ನ ಸಾರ್ವಜನಿಕ ಅಭಿಪ್ರಾಯ ಸಂಗ್ರಹಿಸಲಾಗಿದೆ. ಸಮಿತಿಯು ರಾಜ್ಯದ ವಿವಿಧ ಭಾಗಗಳಲ್ಲಿ ಸಮಾಲೋಚನೆ ನಡೆಸಿತ್ತು. ಪ್ರಸ್ತುತ 14ನೇ ವಿಧಾನ ಸಭೆಯಲ್ಲಿ ಕಾನೂನಿಗೆ ದೀರ್ಘ ಚರ್ಚೆಯ ನಂತರ ಅಂಗೀಕಾರ ದೊರೆತಿದೆ. ಸಂವಿಧಾನದ 44ನೇ ವಿಧಿಯನ್ವಯ ಏಕರೂಪ ನಾಗರಿಕ ಸಂಹಿತೆ ಜಾರಿ ಮಾಡುವ ರಾಜ್ಯಗಳ ಸಾಲಿಗೆ ಗುಜರಾತ್ ಸೇರಿದೆ.
ಏನಾಸಂ ಜಾರಿಗೊಳಿಸಿದ 2ನೇ ರಾಜ್ಯ ಗುಜರಾತ್
ಪ್ರಸ್ತುತ ಮಸೂದೆ ಅಂಗೀಕಾರದಿಂದಾಗಿ ಏಕರೂಪ ನಾಗರಿಕ ಸಂಹಿತೆ ಜಾರಿಗೆ ತಂದ ಎರಡನೇ ರಾಜ್ಯ ಗುಜರಾತ್ ಆಗಿದೆ. ಈ ಮೊದಲು ಉತ್ತರಾಖಂಡದಲ್ಲಿ ಮೊದಲ ಬಾರಿಗೆ ಈ ಕಾನೂನನ್ನು ಜಾರಿಗೊಳಿಸಲಾಗಿತ್ತು. 2024ರ ಫೆಬ್ರವರಿಯಲ್ಲಿ ಉತ್ತರಾಖಂಡ ವಿಧಾನಸಭೆ ಮಸೂದೆ ಅಂಗೀಕರಿಸಿತ್ತು. ಬಳಿಕ ಗುಜರಾತ್‌ ಸಹ ಇದೇ ಮಾದರಿಯಲ್ಲಿ ಮಸೂದೆ ರೂಪಿಸಿ ಮಂಡಿಸಿದೆ.
ಬಹುಪತ್ನಿತ್ವಕ್ಕಿಲ್ಲ ಅವಕಾಶ
ಲಿವ್ ಇನ್ ಸಂಬಂಧಗಳ ನೋಂದಣಿಗೆ ಮಸೂದೆ ಅವಕಾಶ ನೀಡುತ್ತದೆ. ನಿಷೇಧಿತ ಪದ್ಧತಿಗಳ ಮೂಲಕ ಈ ಸಂಬಂಧವನ್ನು ಮುಂದುವರಿಸಿಕೊಳ್ಳಲು ಸಾಧ್ಯವಿಲ್ಲ. ಇದರ ಜೊತೆಗೆ ಬಹುಪತ್ನಿತ್ವ ನಿಷೇಧಿಸಲಾಗಿದ್ದು, ವಿವಾಹ ನೋಂದಣಿ ಕಡ್ಡಾಯವಾಗಲಿದೆ. ವಿಚ್ಛೇದನಕ್ಕೆ ಸಮಾನ ನಿಯಮಗಳು ಅನ್ವಯವಾಗಲಿವೆ.
ಹೊಂದುವಂತೆ ರಾಜ್ಯಗಳ ಕ್ರಮಗಳನ್ನು ಬೆಂಬಲಿಸಿದೆ. ಇದರ ಅನುಷ್ಠಾನದಿಂದಾಗಿ ರಾಜ್ಯದ ಎಲ್ಲ ಜಾತಿ ಧರ್ಮಗಳ ಜನರಿಗೂ ಸಮಾನ ಕಾನೂನು ಅನ್ವಯವಾಗುತ್ತದೆ. ಮಹಿಳೆಯರ ಹಕ್ಕುಗಳ ರಕ್ಷಣೆಗೆ ಆದ್ಯತೆ ನೀಡಲಾಗಿದೆ. ಪ್ರತಿಪಕ್ಷ ಕಾಂಗ್ರೆಸ್ ಈ ಮಸೂದೆಗೆ ವಿರೋಧ ವ್ಯಕ್ತಪಡಿಸಿ ಸಭಾತ್ಯಾಗ ಮಾಡಿತು. ಮುಖ್ಯಮಂತ್ರಿ ಭೂಪೇಂದ್ರ ಪಟೇಲ್ ಮಸೂದೆಯನ್ನು ಸಮರ್ಥಿಸಿಕೊಂಡರು. ಇದು ಸಾಮಾಜಿಕ ಸಮಾನತೆ ಮತ್ತು ಮಹಿಳಾ ಸಬಲೀಕರಣದ ದಿಕ್ಕಿನಲ್ಲಿ ಮಹತ್ವದ ಹೆಜ್ಜೆ ಎಂದು ಬಣ್ಣಿಸಿದರು. ರಾಜ್ಯಪಾಲರ ಅಂಕಿತದ ಬಳಿಕ ಕಾನೂನು ಜಾರಿಗೆ ಬರಲಿದೆ.
ಪರಿಪೂರ್ಣ ಬಜೆಟ್
ಪುಟ ೧➡ ಇದನ್ನು ಕೇಂದ್ರ ಸರ್ಕಾರ ಅನುಷ್ಠಾನ ಮಾಡಿಲ್ಲ. ಮುಂದಿನ ವರ್ಷಕ್ಕೆ ನಮ್ಮ ವಿತ್ತೀಯ ಕೊರತೆಯು ರೂ.2.95ರಷ್ಟು ಇರಲಿದೆ ಎಂಬುದು ನಮ್ಮ ಅಂದಾಜಾಗಿದೆ. ಆದರೆ, 2026-27ರ ಸಾಲಿನ ಕೇಂದ್ರ ವಿತ್ತೀಯ ಕೊರತೆ ಜಿಡಿಪಿಯ ಶೇ.4.3 ರಷ್ಟು ಇರಲಿದೆ ಎಂದು ಕೇಂದ್ರ ಬಜೆಟ್ ತಿಳಿಸಿದೆ. ನಮ್ಮ ಸರ್ಕಾರ ಆರ್ಥಿಕ ಶಿಸ್ತು ಪಾಲಿಸುತ್ತಿದೆ. ಹಣಕಾಸು ಸುಸ್ಥಿರತೆ ಕಾಪಾಡಲಾಗಿದೆ. ಗ್ಯಾರಂಟಿ ಯೋಜನೆಗಳಿಗೆ ಅನುದಾನ ಒದಗಿಸಲಾಗಿದೆ. ಸಿದ್ದರಾಮಯ್ಯ ತಿಳಿಸಿದರು.
ಆದಾಯ ಕೊರತೆಗೆ ಕೇಂದ್ರ ಕಾರಣ
ವಾಸ್ತವವಾಗಿ ಆದಾಯ ಕೊರತೆ ಇರಬಾರದು. ಆದರೆ, ಕೇಂದ್ರ ಸರ್ಕಾರ ಒಳಗೊಂಡಂತೆ ಮಹಾರಾಷ್ಟ್ರ ಹಾಗೂ ದಕ್ಷಿಣ ಭಾರತದ ಎಲ್ಲಾ ರಾಜ್ಯಗಳಲ್ಲೂ ಆದಾಯ ಕೊರತೆಯಿದೆ. ಅದರಲ್ಲಿ ಕರ್ನಾಟಕ ಮತ್ತು ಮಹಾರಾಷ್ಟ್ರದಲ್ಲಿ ಕಡಿಮೆ ಇದೆ. ನಾವು ತೆರಿಗೆ ಸಂಗ್ರಹದಲ್ಲಿ ಮುಂಚೂಣಿಯಲ್ಲಿದ್ದೇವೆ. ಕೇಂದ್ರ ಸರ್ಕಾರದಿಂದ ಬರಬೇಕಾದ ಪಾಲು ಕಡಿಮೆಯಾಗಿದೆ. 15ನೇ ಹಣಕಾಸು ಆಯೋಗದಿಂದ ರಾಜ್ಯಕ್ಕೆ ಅನ್ಯಾಯವಾಗಿದೆ. ಕೇಂದ್ರ ಸರ್ಕಾರದ ತೆರಿಗೆ ಪಾಲು 2025-26ರ ಸಾಲಿನಲ್ಲಿ ಕಡಿಮೆಯಾಗಿದೆ. ಶೇ.10ರಷ್ಟು ಬೆಳವಣಿಗೆ ದರ ನಿರೀಕ್ಷಿಸಲಾಗಿದೆ ಎಂದು ತಿಳಿಸಿದರು.
